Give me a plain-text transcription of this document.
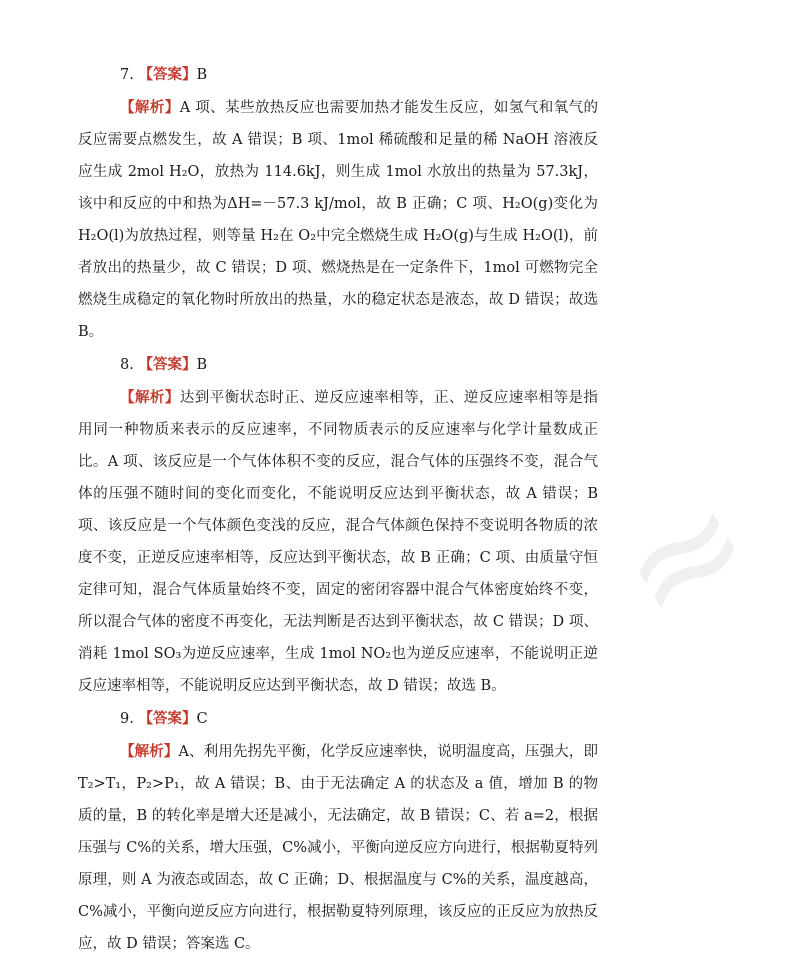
≈
7. 【答案】B

【解析】A 项、某些放热反应也需要加热才能发生反应，如氢气和氧气的反应需要点燃发生，故 A 错误；B 项、1mol 稀硫酸和足量的稀 NaOH 溶液反应生成 2mol H₂O，放热为 114.6kJ，则生成 1mol 水放出的热量为 57.3kJ，该中和反应的中和热为ΔH=－57.3 kJ/mol，故 B 正确；C 项、H₂O(g)变化为 H₂O(l)为放热过程，则等量 H₂在 O₂中完全燃烧生成 H₂O(g)与生成 H₂O(l)，前者放出的热量少，故 C 错误；D 项、燃烧热是在一定条件下，1mol 可燃物完全燃烧生成稳定的氧化物时所放出的热量，水的稳定状态是液态，故 D 错误；故选 B。

8. 【答案】B

【解析】达到平衡状态时正、逆反应速率相等，正、逆反应速率相等是指用同一种物质来表示的反应速率，不同物质表示的反应速率与化学计量数成正比。A 项、该反应是一个气体体积不变的反应，混合气体的压强终不变，混合气体的压强不随时间的变化而变化，不能说明反应达到平衡状态，故 A 错误；B 项、该反应是一个气体颜色变浅的反应，混合气体颜色保持不变说明各物质的浓度不变，正逆反应速率相等，反应达到平衡状态，故 B 正确；C 项、由质量守恒定律可知，混合气体质量始终不变，固定的密闭容器中混合气体密度始终不变，所以混合气体的密度不再变化，无法判断是否达到平衡状态，故 C 错误；D 项、消耗 1mol SO₃为逆反应速率，生成 1mol NO₂也为逆反应速率，不能说明正逆反应速率相等，不能说明反应达到平衡状态，故 D 错误；故选 B。

9. 【答案】C

【解析】A、利用先拐先平衡，化学反应速率快，说明温度高，压强大，即 T₂>T₁，P₂>P₁，故 A 错误；B、由于无法确定 A 的状态及 a 值，增加 B 的物质的量，B 的转化率是增大还是减小，无法确定，故 B 错误；C、若 a=2，根据压强与 C%的关系，增大压强，C%减小，平衡向逆反应方向进行，根据勒夏特列原理，则 A 为液态或固态，故 C 正确；D、根据温度与 C%的关系，温度越高，C%减小，平衡向逆反应方向进行，根据勒夏特列原理，该反应的正反应为放热反应，故 D 错误；答案选 C。
